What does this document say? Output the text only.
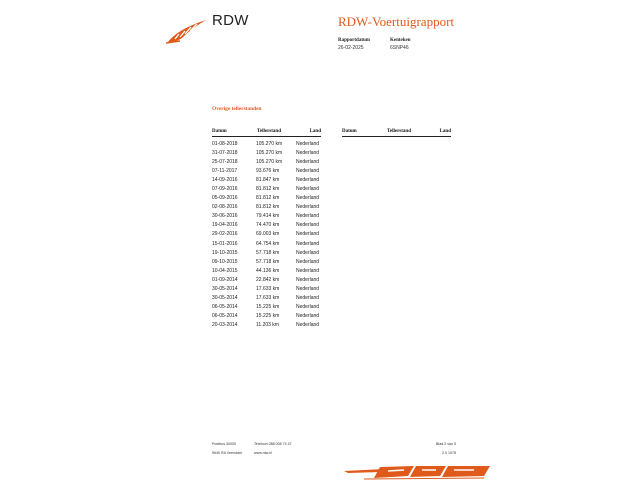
RDW	RDW-Voertuigrapport
Rapportdatum
26-02-2025
Kenteken
6SNP46
Overige tellerstanden
Datum	Tellerstand	Land
01-08-2018	105.270 km	Nederland
31-07-2018	105.270 km	Nederland
25-07-2018	105.270 km	Nederland
07-11-2017	93.676 km	Nederland
14-09-2016	81.847 km	Nederland
07-09-2016	81.812 km	Nederland
05-09-2016	81.812 km	Nederland
02-08-2016	81.812 km	Nederland
30-06-2016	79.414 km	Nederland
19-04-2016	74.470 km	Nederland
29-02-2016	69.003 km	Nederland
15-01-2016	64.754 km	Nederland
19-10-2015	57.718 km	Nederland
09-10-2015	57.718 km	Nederland
10-04-2015	44.136 km	Nederland
01-09-2014	22.842 km	Nederland
30-05-2014	17.633 km	Nederland
30-05-2014	17.633 km	Nederland
06-05-2014	15.225 km	Nederland
06-05-2014	15.225 km	Nederland
20-03-2014	11.203 km	Nederland
Datum	Tellerstand	Land
Postbus 30000
9640 RA Veendam
Telefoon 088 008 74 47
www.rdw.nl
Blad 2 van 5
2.0 1078
